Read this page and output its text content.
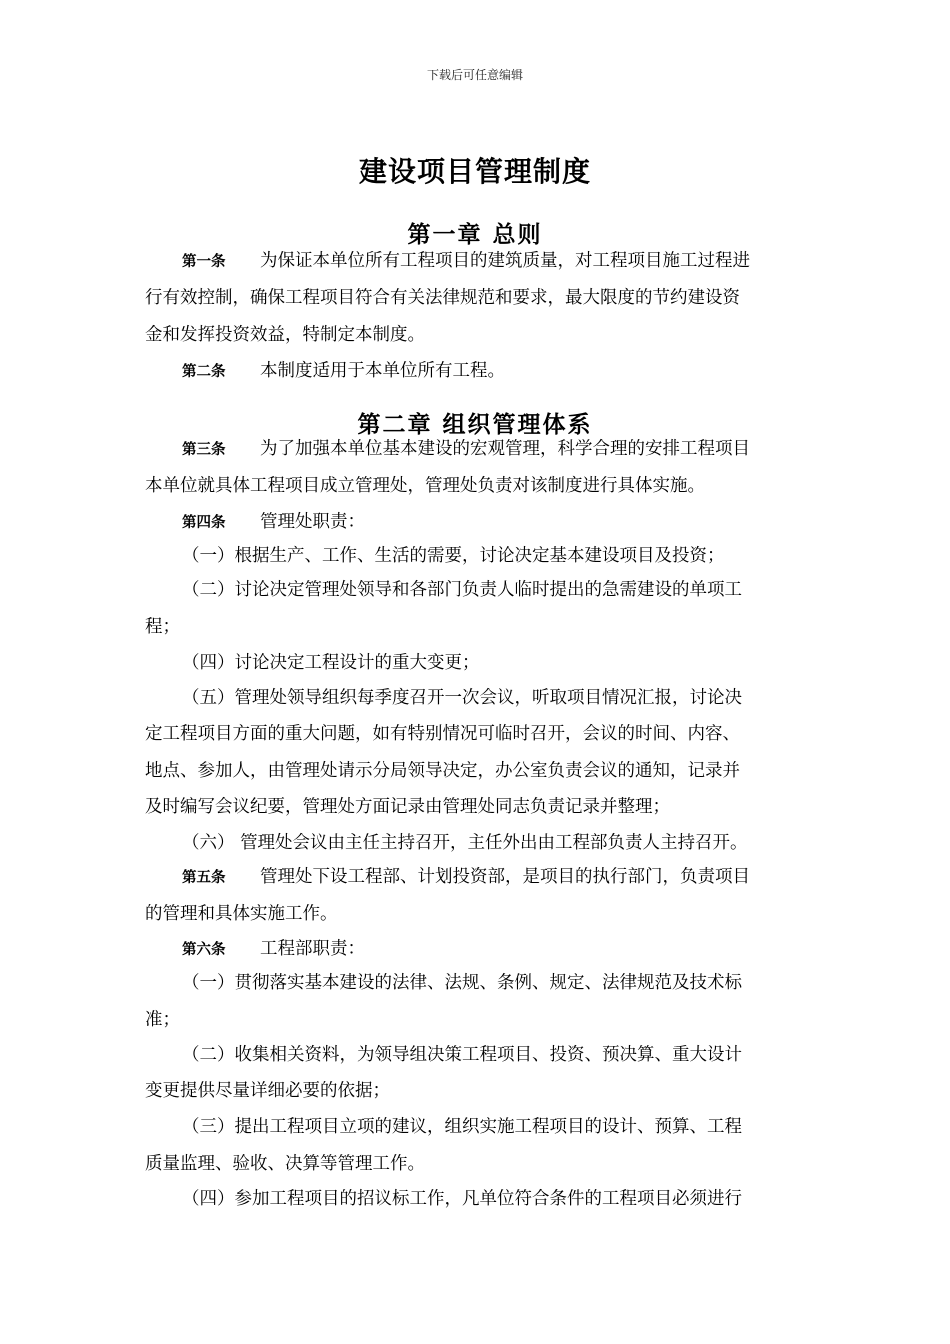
下载后可任意编辑
建设项目管理制度
第一章 总则
第一条 为保证本单位所有工程项目的建筑质量，对工程项目施工过程进
行有效控制，确保工程项目符合有关法律规范和要求，最大限度的节约建设资
金和发挥投资效益，特制定本制度。
第二条 本制度适用于本单位所有工程。
第二章 组织管理体系
第三条 为了加强本单位基本建设的宏观管理，科学合理的安排工程项目
本单位就具体工程项目成立管理处，管理处负责对该制度进行具体实施。
第四条 管理处职责：
（一）根据生产、工作、生活的需要，讨论决定基本建设项目及投资；
（二）讨论决定管理处领导和各部门负责人临时提出的急需建设的单项工
程；
（四）讨论决定工程设计的重大变更；
（五）管理处领导组织每季度召开一次会议，听取项目情况汇报，讨论决
定工程项目方面的重大问题，如有特别情况可临时召开，会议的时间、内容、
地点、参加人，由管理处请示分局领导决定，办公室负责会议的通知，记录并
及时编写会议纪要，管理处方面记录由管理处同志负责记录并整理；
（六） 管理处会议由主任主持召开，主任外出由工程部负责人主持召开。
第五条 管理处下设工程部、计划投资部，是项目的执行部门，负责项目
的管理和具体实施工作。
第六条 工程部职责：
（一）贯彻落实基本建设的法律、法规、条例、规定、法律规范及技术标
准；
（二）收集相关资料，为领导组决策工程项目、投资、预决算、重大设计
变更提供尽量详细必要的依据；
（三）提出工程项目立项的建议，组织实施工程项目的设计、预算、工程
质量监理、验收、决算等管理工作。
（四）参加工程项目的招议标工作，凡单位符合条件的工程项目必须进行
